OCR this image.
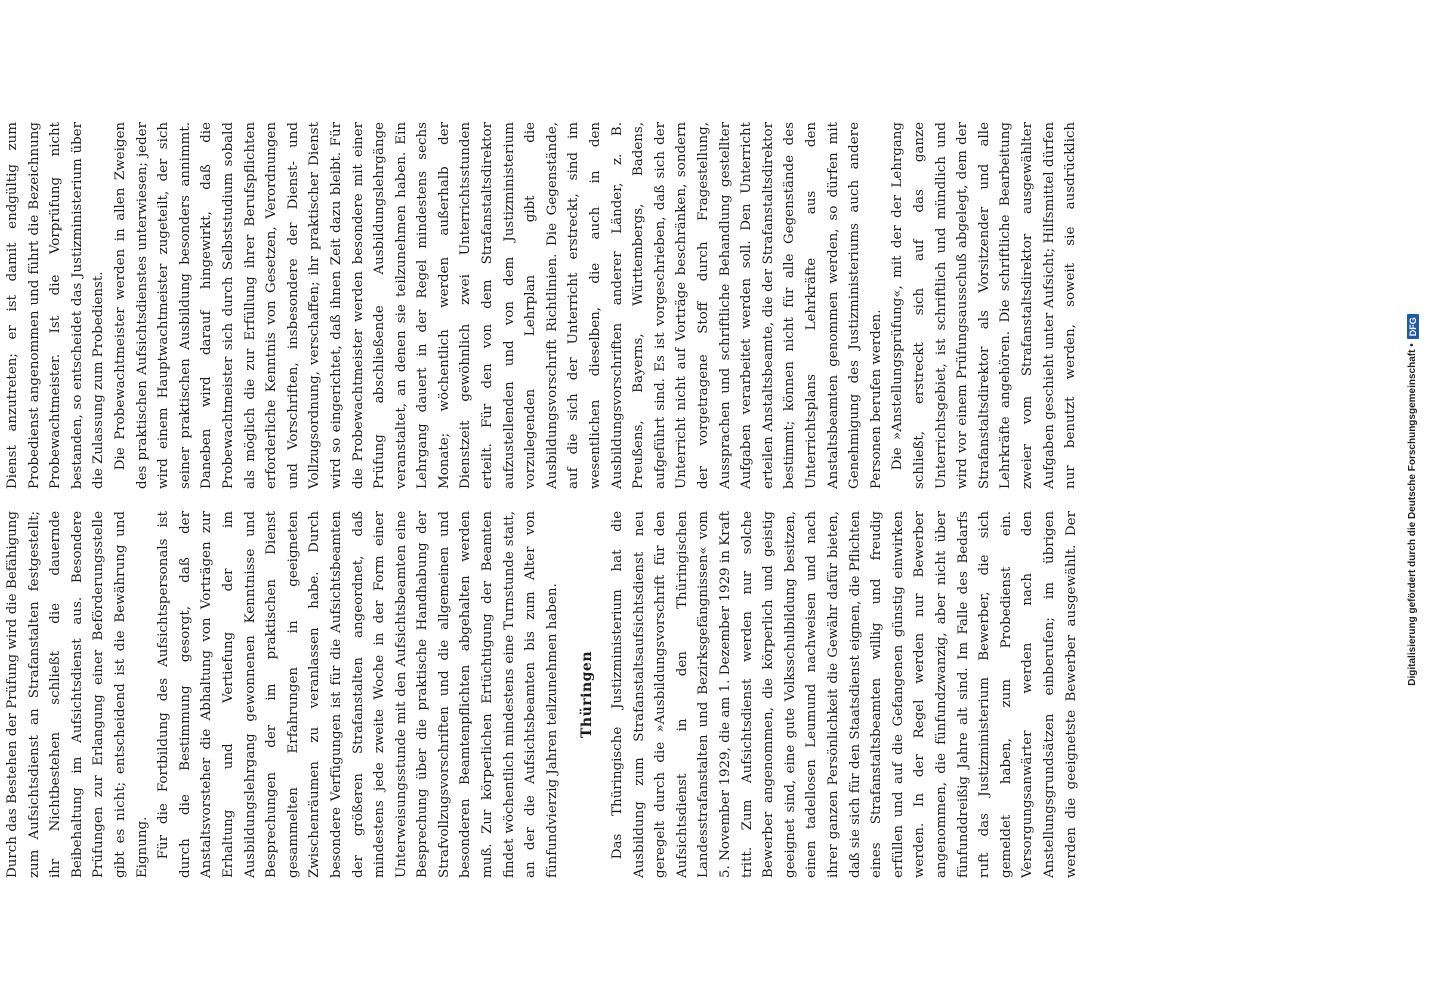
Durch das Bestehen der Prüfung wird die Befähigung zum Aufsichtsdienst an Strafanstalten festgestellt; ihr Nichtbestehen schließt die dauernde Beibehaltung im Aufsichtsdienst aus. Besondere Prüfungen zur Erlangung einer Beförderungsstelle gibt es nicht; entscheidend ist die Bewährung und Eignung. Für die Fortbildung des Aufsichtspersonals ist durch die Bestimmung gesorgt, daß der Anstaltsvorsteher die Abhaltung von Vorträgen zur Erhaltung und Vertiefung der im Ausbildungslehrgang gewonnenen Kenntnisse und Besprechungen der im praktischen Dienst gesammelten Erfahrungen in geeigneten Zwischenräumen zu veranlassen habe. Durch besondere Verfügungen ist für die Aufsichtsbeamten der größeren Strafanstalten angeordnet, daß mindestens jede zweite Woche in der Form einer Unterweisungsstunde mit den Aufsichtsbeamten eine Besprechung über die praktische Handhabung der Strafvollzugsvorschriften und die allgemeinen und besonderen Beamtenpflichten abgehalten werden muß. Zur körperlichen Ertüchtigung der Beamten findet wöchentlich mindestens eine Turnstunde statt, an der die Aufsichtsbeamten bis zum Alter von fünfundvierzig Jahren teilzunehmen haben. Thüringen

Das Thüringische Justizministerium hat die Ausbildung zum Strafanstaltsaufsichtsdienst neu geregelt durch die »Ausbildungsvorschrift für den Aufsichtsdienst in den Thüringischen Landesstrafanstalten und Bezirksgefängnissen« vom 5. November 1929, die am 1. Dezember 1929 in Kraft tritt. Zum Aufsichtsdienst werden nur solche Bewerber angenommen, die körperlich und geistig geeignet sind, eine gute Volksschulbildung besitzen, einen tadellosen Leumund nachweisen und nach ihrer ganzen Persönlichkeit die Gewähr dafür bieten, daß sie sich für den Staatsdienst eignen, die Pflichten eines Strafanstaltsbeamten willig und freudig erfüllen und auf die Gefangenen günstig einwirken werden. In der Regel werden nur Bewerber angenommen, die fünfundzwanzig, aber nicht über fünfunddreißig Jahre alt sind. Im Falle des Bedarfs ruft das Justizministerium Bewerber, die sich gemeldet haben, zum Probedienst ein. Versorgungsanwärter werden nach den Anstellungsgrundsätzen einberufen; im übrigen werden die geeignetste Bewerber ausgewählt. Der

Dienst anzutreten; er ist damit endgültig zum Probedienst angenommen und führt die Bezeichnung Probewachtmeister. Ist die Vorprüfung nicht bestanden, so entscheidet das Justizministerium über die Zulassung zum Probedienst. Die Probewachtmeister werden in allen Zweigen des praktischen Aufsichtsdienstes unterwiesen; jeder wird einem Hauptwachtmeister zugeteilt, der sich seiner praktischen Ausbildung besonders annimmt. Daneben wird darauf hingewirkt, daß die Probewachtmeister sich durch Selbststudium sobald als möglich die zur Erfüllung ihrer Berufspflichten erforderliche Kenntnis von Gesetzen, Verordnungen und Vorschriften, insbesondere der Dienst- und Vollzugsordnung, verschaffen; ihr praktischer Dienst wird so eingerichtet, daß ihnen Zeit dazu bleibt. Für die Probewachtmeister werden besondere mit einer Prüfung abschließende Ausbildungslehrgänge veranstaltet, an denen sie teilzunehmen haben. Ein Lehrgang dauert in der Regel mindestens sechs Monate; wöchentlich werden außerhalb der Dienstzeit gewöhnlich zwei Unterrichtsstunden erteilt. Für den von dem Strafanstaltsdirektor aufzustellenden und von dem Justizministerium vorzulegenden Lehrplan gibt die Ausbildungsvorschrift Richtlinien. Die Gegenstände, auf die sich der Unterricht erstreckt, sind im wesentlichen dieselben, die auch in den Ausbildungsvorschriften anderer Länder, z. B. Preußens, Bayerns, Württembergs, Badens, aufgeführt sind. Es ist vorgeschrieben, daß sich der Unterricht nicht auf Vorträge beschränken, sondern der vorgetragene Stoff durch Fragestellung, Aussprachen und schriftliche Behandlung gestellter Aufgaben verarbeitet werden soll. Den Unterricht erteilen Anstaltsbeamte, die der Strafanstaltsdirektor bestimmt; können nicht für alle Gegenstände des Unterrichtsplans Lehrkräfte aus den Anstaltsbeamten genommen werden, so dürfen mit Genehmigung des Justizministeriums auch andere Personen berufen werden. Die »Anstellungsprüfung«, mit der der Lehrgang schließt, erstreckt sich auf das ganze Unterrichtsgebiet, ist schriftlich und mündlich und wird vor einem Prüfungsausschuß abgelegt, dem der Strafanstaltsdirektor als Vorsitzender und alle Lehrkräfte angehören. Die schriftliche Bearbeitung zweier vom Strafanstaltsdirektor ausgewählter Aufgaben geschieht unter Aufsicht; Hilfsmittel dürfen nur benutzt werden, soweit sie ausdrücklich

Digitalisierung gefördert durch die Deutsche Forschungsgemeinschaft •
DFG
